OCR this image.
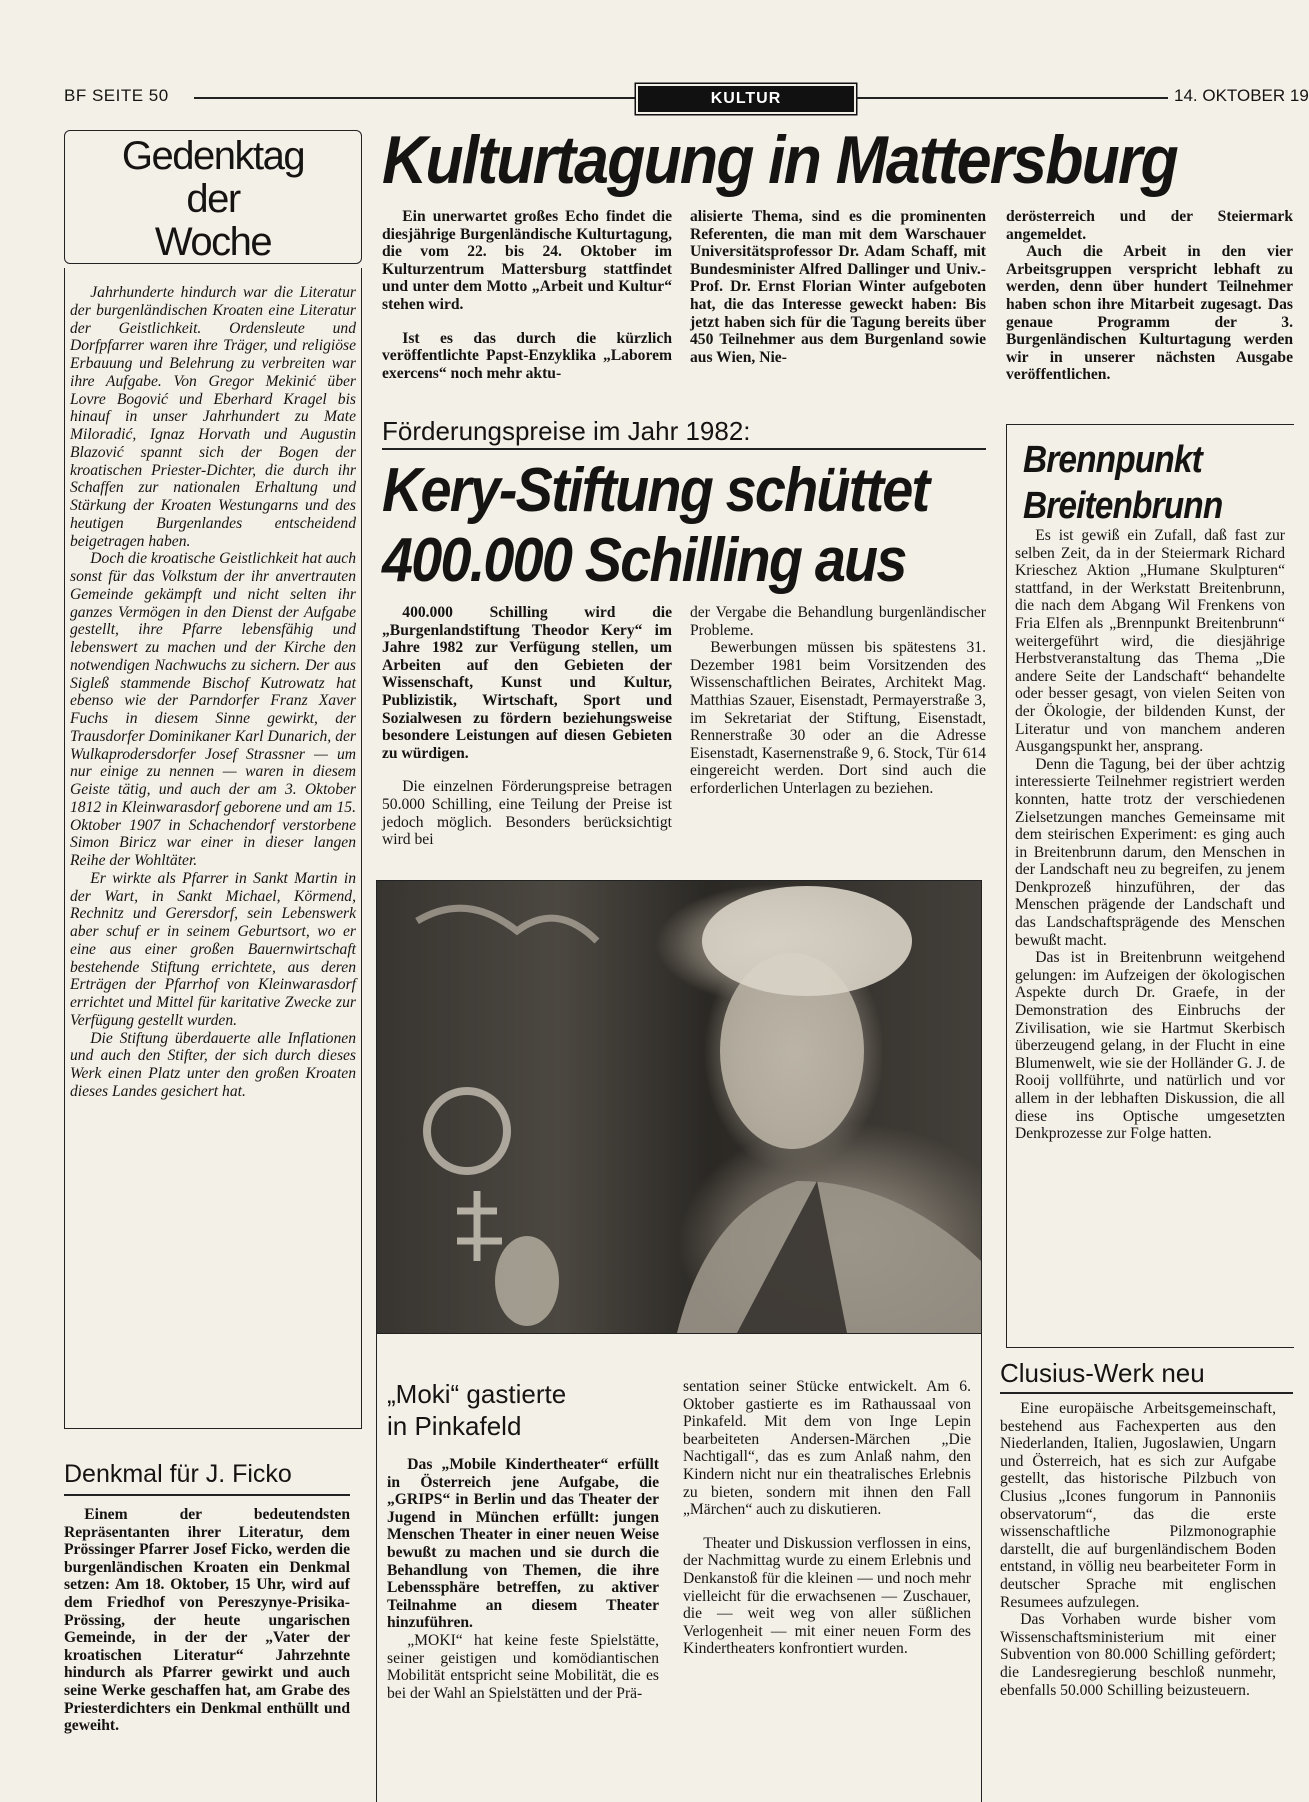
BF SEITE 50	KULTUR	14. OKTOBER 19
Gedenktag
der
Woche

Jahrhunderte hindurch war die Literatur der burgenländischen Kroaten eine Literatur der Geistlichkeit. Ordensleute und Dorfpfarrer waren ihre Träger, und religiöse Erbauung und Belehrung zu verbreiten war ihre Aufgabe. Von Gregor Mekinić über Lovre Bogović und Eberhard Kragel bis hinauf in unser Jahrhundert zu Mate Miloradić, Ignaz Horvath und Augustin Blazović spannt sich der Bogen der kroatischen Priester-Dichter, die durch ihr Schaffen zur nationalen Erhaltung und Stärkung der Kroaten Westungarns und des heutigen Burgenlandes entscheidend beigetragen haben.

Doch die kroatische Geistlichkeit hat auch sonst für das Volkstum der ihr anvertrauten Gemeinde gekämpft und nicht selten ihr ganzes Vermögen in den Dienst der Aufgabe gestellt, ihre Pfarre lebensfähig und lebenswert zu machen und der Kirche den notwendigen Nachwuchs zu sichern. Der aus Sigleß stammende Bischof Kutrowatz hat ebenso wie der Parndorfer Franz Xaver Fuchs in diesem Sinne gewirkt, der Trausdorfer Dominikaner Karl Dunarich, der Wulkaprodersdorfer Josef Strassner — um nur einige zu nennen — waren in diesem Geiste tätig, und auch der am 3. Oktober 1812 in Kleinwarasdorf geborene und am 15. Oktober 1907 in Schachendorf verstorbene Simon Biricz war einer in dieser langen Reihe der Wohltäter.

Er wirkte als Pfarrer in Sankt Martin in der Wart, in Sankt Michael, Körmend, Rechnitz und Gerersdorf, sein Lebenswerk aber schuf er in seinem Geburtsort, wo er eine aus einer großen Bauernwirtschaft bestehende Stiftung errichtete, aus deren Erträgen der Pfarrhof von Kleinwarasdorf errichtet und Mittel für karitative Zwecke zur Verfügung gestellt wurden.

Die Stiftung überdauerte alle Inflationen und auch den Stifter, der sich durch dieses Werk einen Platz unter den großen Kroaten dieses Landes gesichert hat.

Denkmal für J. Ficko
Einem der bedeutendsten Repräsentanten ihrer Literatur, dem Prössinger Pfarrer Josef Ficko, werden die burgenländischen Kroaten ein Denkmal setzen: Am 18. Oktober, 15 Uhr, wird auf dem Friedhof von Pereszynye-Prisika-Prössing, der heute ungarischen Gemeinde, in der der „Vater der kroatischen Literatur“ Jahrzehnte hindurch als Pfarrer gewirkt und auch seine Werke geschaffen hat, am Grabe des Priesterdichters ein Denkmal enthüllt und geweiht.
Kulturtagung in Mattersburg

Ein unerwartet großes Echo findet die diesjährige Burgenländische Kulturtagung, die vom 22. bis 24. Oktober im Kulturzentrum Mattersburg stattfindet und unter dem Motto „Arbeit und Kultur“ stehen wird.

Ist es das durch die kürzlich veröffentlichte Papst-Enzyklika „Laborem exercens“ noch mehr aktu-

alisierte Thema, sind es die prominenten Referenten, die man mit dem Warschauer Universitätsprofessor Dr. Adam Schaff, mit Bundesminister Alfred Dallinger und Univ.-Prof. Dr. Ernst Florian Winter aufgeboten hat, die das Interesse geweckt haben: Bis jetzt haben sich für die Tagung bereits über 450 Teilnehmer aus dem Burgenland sowie aus Wien, Nie-

derösterreich und der Steiermark angemeldet.

Auch die Arbeit in den vier Arbeitsgruppen verspricht lebhaft zu werden, denn über hundert Teilnehmer haben schon ihre Mitarbeit zugesagt. Das genaue Programm der 3. Burgenländischen Kulturtagung werden wir in unserer nächsten Ausgabe veröffentlichen.

Förderungspreise im Jahr 1982:
Kery-Stiftung schüttet
400.000 Schilling aus

400.000 Schilling wird die „Burgenlandstiftung Theodor Kery“ im Jahre 1982 zur Verfügung stellen, um Arbeiten auf den Gebieten der Wissenschaft, Kunst und Kultur, Publizistik, Wirtschaft, Sport und Sozialwesen zu fördern beziehungsweise besondere Leistungen auf diesen Gebieten zu würdigen.

Die einzelnen Förderungspreise betragen 50.000 Schilling, eine Teilung der Preise ist jedoch möglich. Besonders berücksichtigt wird bei

der Vergabe die Behandlung burgenländischer Probleme.

Bewerbungen müssen bis spätestens 31. Dezember 1981 beim Vorsitzenden des Wissenschaftlichen Beirates, Architekt Mag. Matthias Szauer, Eisenstadt, Permayerstraße 3, im Sekretariat der Stiftung, Eisenstadt, Rennerstraße 30 oder an die Adresse Eisenstadt, Kasernenstraße 9, 6. Stock, Tür 614 eingereicht werden. Dort sind auch die erforderlichen Unterlagen zu beziehen.

„Moki“ gastierte
in Pinkafeld

Das „Mobile Kindertheater“ erfüllt in Österreich jene Aufgabe, die „GRIPS“ in Berlin und das Theater der Jugend in München erfüllt: jungen Menschen Theater in einer neuen Weise bewußt zu machen und sie durch die Behandlung von Themen, die ihre Lebenssphäre betreffen, zu aktiver Teilnahme an diesem Theater hinzuführen.

„MOKI“ hat keine feste Spielstätte, seiner geistigen und komödiantischen Mobilität entspricht seine Mobilität, die es bei der Wahl an Spielstätten und der Prä-

sentation seiner Stücke entwickelt. Am 6. Oktober gastierte es im Rathaussaal von Pinkafeld. Mit dem von Inge Lepin bearbeiteten Andersen-Märchen „Die Nachtigall“, das es zum Anlaß nahm, den Kindern nicht nur ein theatralisches Erlebnis zu bieten, sondern mit ihnen den Fall „Märchen“ auch zu diskutieren.

Theater und Diskussion verflossen in eins, der Nachmittag wurde zu einem Erlebnis und Denkanstoß für die kleinen — und noch mehr vielleicht für die erwachsenen — Zuschauer, die — weit weg von aller süßlichen Verlogenheit — mit einer neuen Form des Kindertheaters konfrontiert wurden.

Brennpunkt
Breitenbrunn

Es ist gewiß ein Zufall, daß fast zur selben Zeit, da in der Steiermark Richard Krieschez Aktion „Humane Skulpturen“ stattfand, in der Werkstatt Breitenbrunn, die nach dem Abgang Wil Frenkens von Fria Elfen als „Brennpunkt Breitenbrunn“ weitergeführt wird, die diesjährige Herbstveranstaltung das Thema „Die andere Seite der Landschaft“ behandelte oder besser gesagt, von vielen Seiten von der Ökologie, der bildenden Kunst, der Literatur und von manchem anderen Ausgangspunkt her, ansprang.

Denn die Tagung, bei der über achtzig interessierte Teilnehmer registriert werden konnten, hatte trotz der verschiedenen Zielsetzungen manches Gemeinsame mit dem steirischen Experiment: es ging auch in Breitenbrunn darum, den Menschen in der Landschaft neu zu begreifen, zu jenem Denkprozeß hinzuführen, der das Menschen prägende der Landschaft und das Landschaftsprägende des Menschen bewußt macht.

Das ist in Breitenbrunn weitgehend gelungen: im Aufzeigen der ökologischen Aspekte durch Dr. Graefe, in der Demonstration des Einbruchs der Zivilisation, wie sie Hartmut Skerbisch überzeugend gelang, in der Flucht in eine Blumenwelt, wie sie der Holländer G. J. de Rooij vollführte, und natürlich und vor allem in der lebhaften Diskussion, die all diese ins Optische umgesetzten Denkprozesse zur Folge hatten.

Clusius-Werk neu

Eine europäische Arbeitsgemeinschaft, bestehend aus Fachexperten aus den Niederlanden, Italien, Jugoslawien, Ungarn und Österreich, hat es sich zur Aufgabe gestellt, das historische Pilzbuch von Clusius „Icones fungorum in Pannoniis observatorum“, das die erste wissenschaftliche Pilzmonographie darstellt, die auf burgenländischem Boden entstand, in völlig neu bearbeiteter Form in deutscher Sprache mit englischen Resumees aufzulegen.

Das Vorhaben wurde bisher vom Wissenschaftsministerium mit einer Subvention von 80.000 Schilling gefördert; die Landesregierung beschloß nunmehr, ebenfalls 50.000 Schilling beizusteuern.
